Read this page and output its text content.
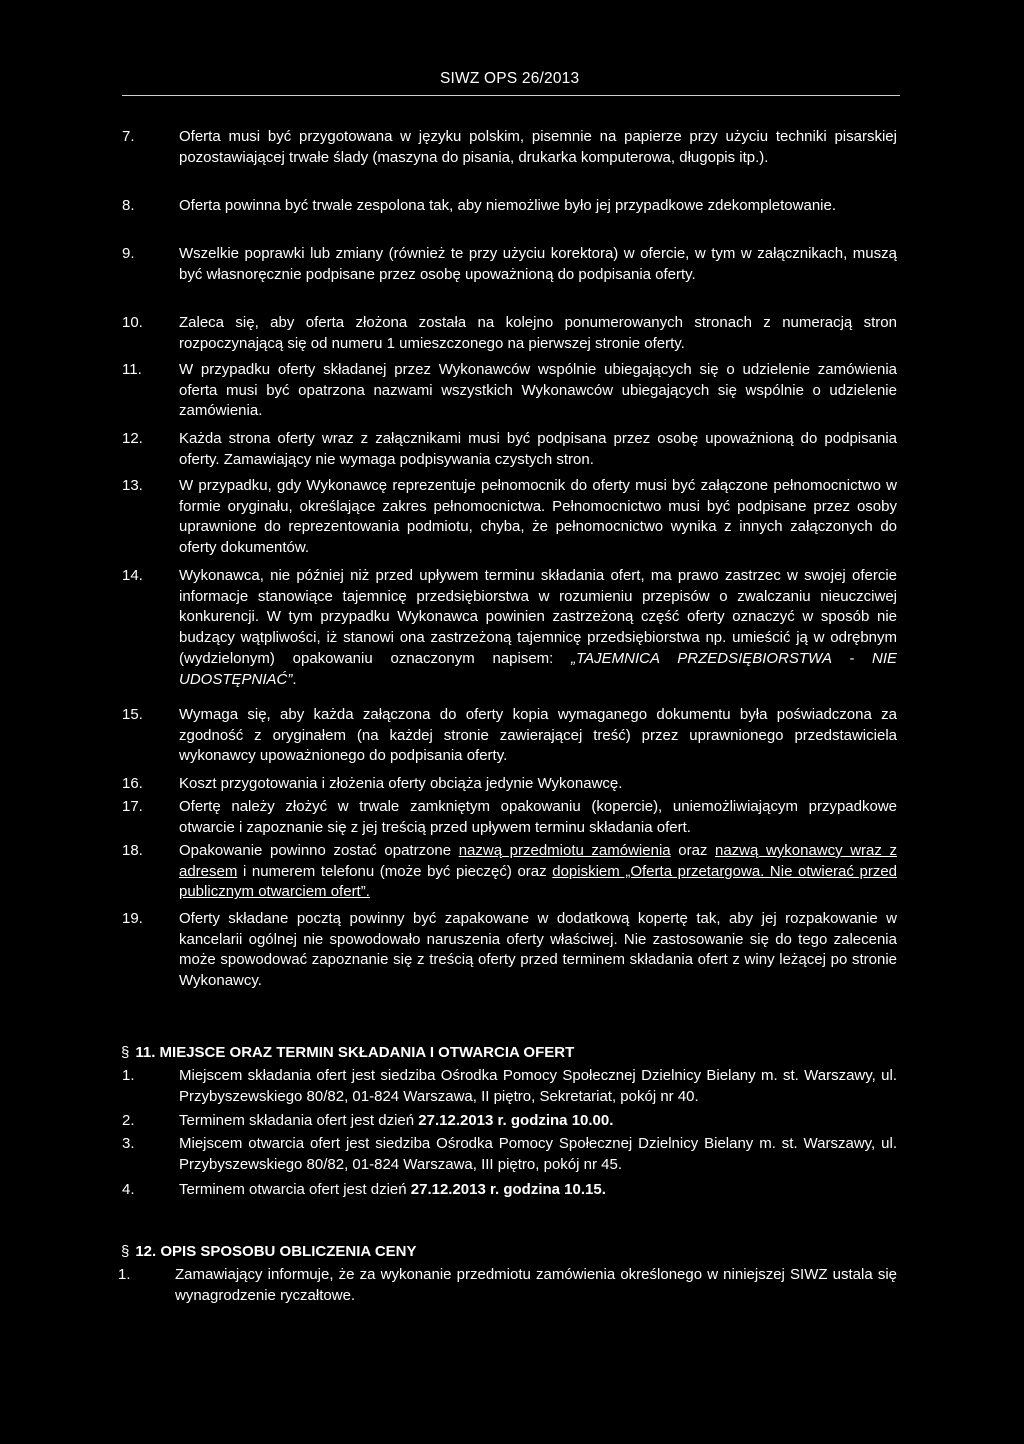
SIWZ OPS 26/2013
7.	Oferta musi być przygotowana w języku polskim, pisemnie na papierze przy użyciu techniki pisarskiej pozostawiającej trwałe ślady (maszyna do pisania, drukarka komputerowa, długopis itp.).
8.	Oferta powinna być trwale zespolona tak, aby niemożliwe było jej przypadkowe zdekompletowanie.
9.	Wszelkie poprawki lub zmiany (również te przy użyciu korektora) w ofercie, w tym w załącznikach, muszą być własnoręcznie podpisane przez osobę upoważnioną do podpisania oferty.
10. Zaleca się, aby oferta złożona została na kolejno ponumerowanych stronach z numeracją stron rozpoczynającą się od numeru 1 umieszczonego na pierwszej stronie oferty.
11. W przypadku oferty składanej przez Wykonawców wspólnie ubiegających się o udzielenie zamówienia oferta musi być opatrzona nazwami wszystkich Wykonawców ubiegających się wspólnie o udzielenie zamówienia.
12. Każda strona oferty wraz z załącznikami musi być podpisana przez osobę upoważnioną do podpisania oferty. Zamawiający nie wymaga podpisywania czystych stron.
13. W przypadku, gdy Wykonawcę reprezentuje pełnomocnik do oferty musi być załączone pełnomocnictwo w formie oryginału, określające zakres pełnomocnictwa. Pełnomocnictwo musi być podpisane przez osoby uprawnione do reprezentowania podmiotu, chyba, że pełnomocnictwo wynika z innych załączonych do oferty dokumentów.
14. Wykonawca, nie później niż przed upływem terminu składania ofert, ma prawo zastrzec w swojej ofercie informacje stanowiące tajemnicę przedsiębiorstwa w rozumieniu przepisów o zwalczaniu nieuczciwej konkurencji. W tym przypadku Wykonawca powinien zastrzeżoną część oferty oznaczyć w sposób nie budzący wątpliwości, iż stanowi ona zastrzeżoną tajemnicę przedsiębiorstwa np. umieścić ją w odrębnym (wydzielonym) opakowaniu oznaczonym napisem: „TAJEMNICA PRZEDSIĘBIORSTWA - NIE UDOSTĘPNIAĆ”.
15. Wymaga się, aby każda załączona do oferty kopia wymaganego dokumentu była poświadczona za zgodność z oryginałem (na każdej stronie zawierającej treść) przez uprawnionego przedstawiciela wykonawcy upoważnionego do podpisania oferty.
16. Koszt przygotowania i złożenia oferty obciąża jedynie Wykonawcę.
17. Ofertę należy złożyć w trwale zamkniętym opakowaniu (kopercie), uniemożliwiającym przypadkowe otwarcie i zapoznanie się z jej treścią przed upływem terminu składania ofert.
18. Opakowanie powinno zostać opatrzone nazwą przedmiotu zamówienia oraz nazwą wykonawcy wraz z adresem i numerem telefonu (może być pieczęć) oraz dopiskiem „Oferta przetargowa. Nie otwierać przed publicznym otwarciem ofert”.
19. Oferty składane pocztą powinny być zapakowane w dodatkową kopertę tak, aby jej rozpakowanie w kancelarii ogólnej nie spowodowało naruszenia oferty właściwej. Nie zastosowanie się do tego zalecenia może spowodować zapoznanie się z treścią oferty przed terminem składania ofert z winy leżącej po stronie Wykonawcy.
§ 11. MIEJSCE ORAZ TERMIN SKŁADANIA I OTWARCIA OFERT
1.	Miejscem składania ofert jest siedziba Ośrodka Pomocy Społecznej Dzielnicy Bielany m. st. Warszawy, ul. Przybyszewskiego 80/82, 01-824 Warszawa, II piętro, Sekretariat, pokój nr 40.
2.	Terminem składania ofert jest dzień 27.12.2013 r. godzina 10.00.
3.	Miejscem otwarcia ofert jest siedziba Ośrodka Pomocy Społecznej Dzielnicy Bielany m. st. Warszawy, ul. Przybyszewskiego 80/82, 01-824 Warszawa, III piętro, pokój nr 45.
4.	Terminem otwarcia ofert jest dzień 27.12.2013 r. godzina 10.15.
§ 12. OPIS SPOSOBU OBLICZENIA CENY
1.	Zamawiający informuje, że za wykonanie przedmiotu zamówienia określonego w niniejszej SIWZ ustala się wynagrodzenie ryczałtowe.
